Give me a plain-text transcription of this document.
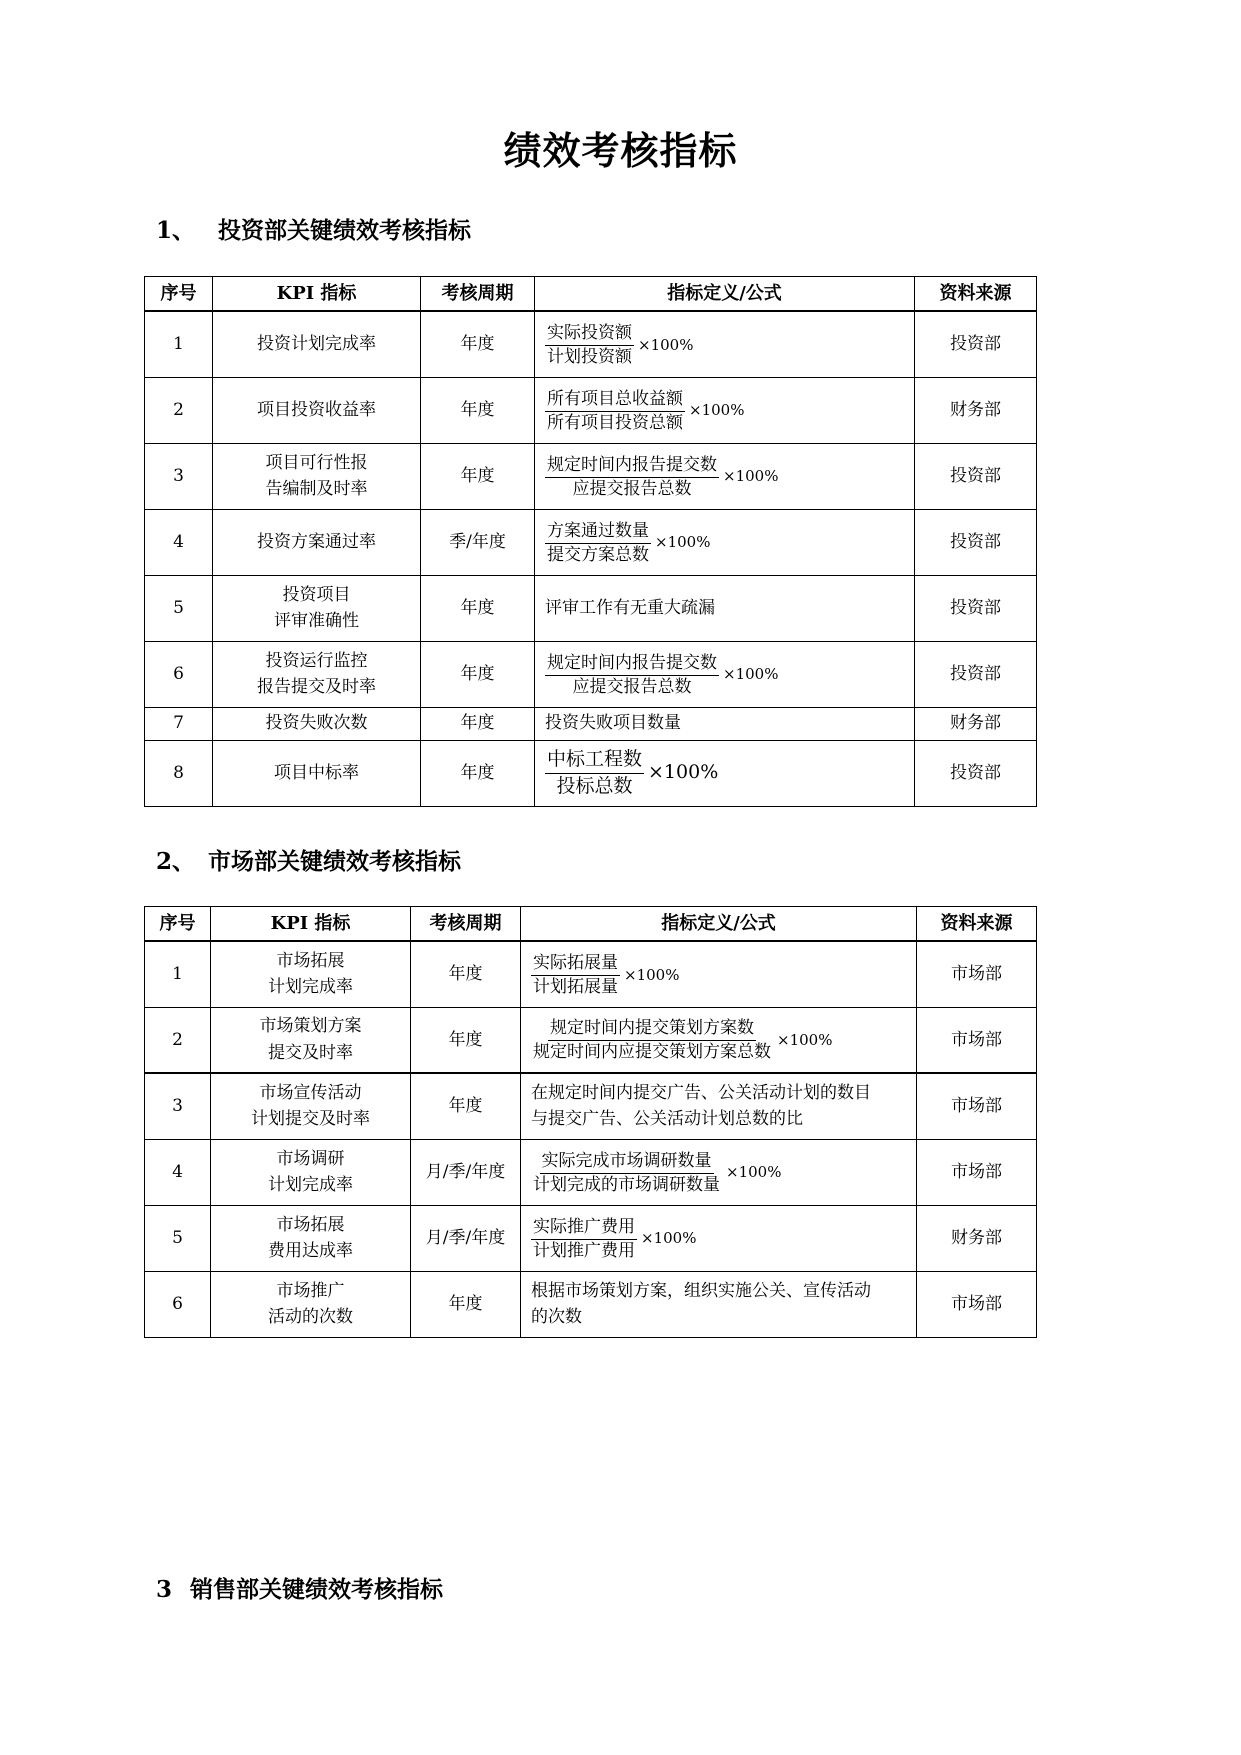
绩效考核指标
1、 投资部关键绩效考核指标
序号	KPI 指标	考核周期	指标定义/公式	资料来源
1	投资计划完成率	年度	$\frac{\text{实际投资额}}{\text{计划投资额}} \times 100\%$	投资部
2	项目投资收益率	年度	$\frac{\text{所有项目总收益额}}{\text{所有项目投资总额}} \times 100\%$	财务部
3	项目可行性报
告编制及时率	年度	$\frac{\text{规定时间内报告提交数}}{\text{应提交报告总数}} \times 100\%$	投资部
4	投资方案通过率	季/年度	$\frac{\text{方案通过数量}}{\text{提交方案总数}} \times 100\%$	投资部
5	投资项目
评审准确性	年度	评审工作有无重大疏漏	投资部
6	投资运行监控
报告提交及时率	年度	$\frac{\text{规定时间内报告提交数}}{\text{应提交报告总数}} \times 100\%$	投资部
7	投资失败次数	年度	投资失败项目数量	财务部
8	项目中标率	年度	$\frac{\text{中标工程数}}{\text{投标总数}} \times 100\%$	投资部
2、 市场部关键绩效考核指标
序号	KPI 指标	考核周期	指标定义/公式	资料来源
1	市场拓展
计划完成率	年度	$\frac{\text{实际拓展量}}{\text{计划拓展量}} \times 100\%$	市场部
2	市场策划方案
提交及时率	年度	$\frac{\text{规定时间内提交策划方案数}}{\text{规定时间内应提交策划方案总数}} \times 100\%$	市场部
3	市场宣传活动
计划提交及时率	年度	在规定时间内提交广告、公关活动计划的数目
与提交广告、公关活动计划总数的比	市场部
4	市场调研
计划完成率	月/季/年度	$\frac{\text{实际完成市场调研数量}}{\text{计划完成的市场调研数量}} \times 100\%$	市场部
5	市场拓展
费用达成率	月/季/年度	$\frac{\text{实际推广费用}}{\text{计划推广费用}} \times 100\%$	财务部
6	市场推广
活动的次数	年度	根据市场策划方案，组织实施公关、宣传活动
的次数	市场部
3 销售部关键绩效考核指标
